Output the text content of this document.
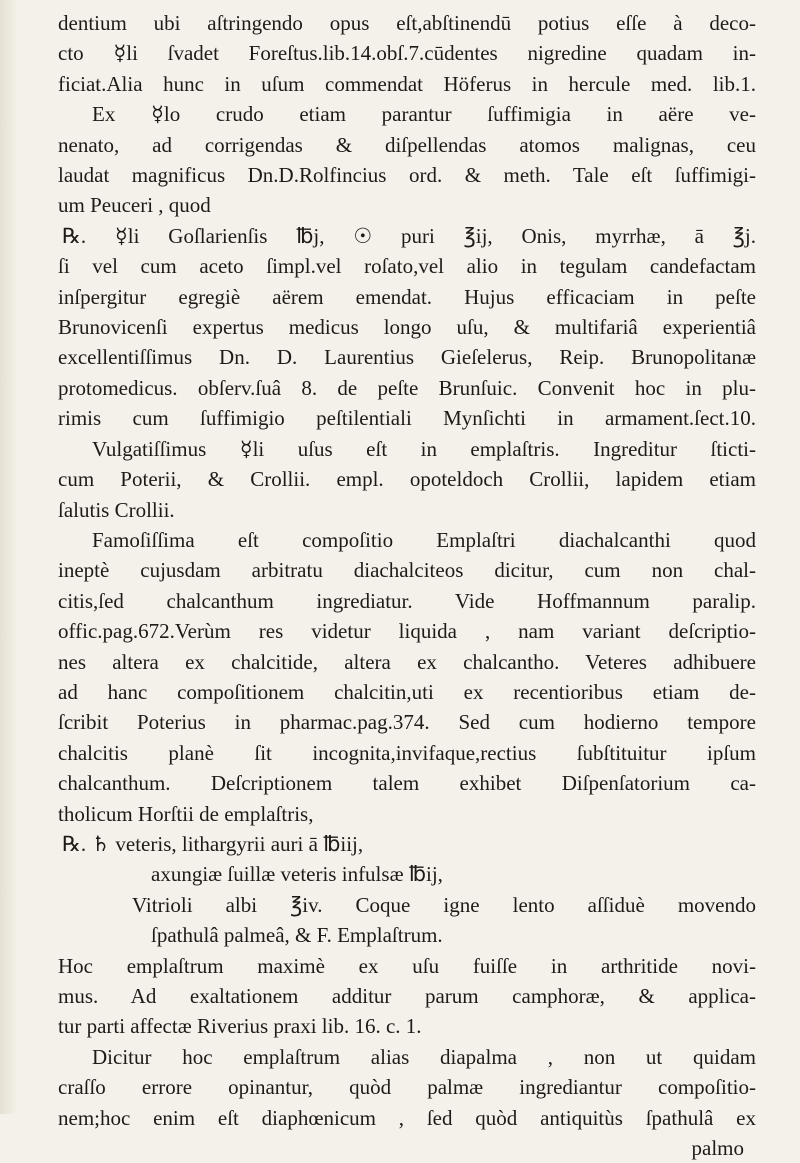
dentium ubi aſtringendo opus eſt,abſtinendū potius eſſe à deco-
cto ☿li ſvadet Foreſtus.lib.14.obſ.7.cūdentes nigredine quadam in-
ficiat.Alia hunc in uſum commendat Höferus in hercule med. lib.1.
Ex ☿lo crudo etiam parantur ſuffimigia in aëre ve-
nenato, ad corrigendas & diſpellendas atomos malignas, ceu
laudat magnificus Dn.D.Rolfincius ord. & meth. Tale eſt ſuffimigi-
um Peuceri , quod
℞. ☿li Goſlarienſis ℔j, ☉ puri ℥ij, Onis, myrrhæ, ā ℥j.
ſi vel cum aceto ſimpl.vel roſato,vel alio in tegulam candefactam
inſpergitur egregiè aërem emendat. Hujus efficaciam in peſte
Brunovicenſi expertus medicus longo uſu, & multifariâ experientiâ
excellentiſſimus Dn. D. Laurentius Gieſelerus, Reip. Brunopolitanæ
protomedicus. obſerv.ſuâ 8. de peſte Brunſuic. Convenit hoc in plu-
rimis cum ſuffimigio peſtilentiali Mynſichti in armament.ſect.10.
Vulgatiſſimus ☿li uſus eſt in emplaſtris. Ingreditur ſticti-
cum Poterii, & Crollii. empl. opoteldoch Crollii, lapidem etiam
ſalutis Crollii.
Famoſiſſima eſt compoſitio Emplaſtri diachalcanthi quod
ineptè cujusdam arbitratu diachalciteos dicitur, cum non chal-
citis,ſed chalcanthum ingrediatur. Vide Hoffmannum paralip.
offic.pag.672.Verùm res videtur liquida , nam variant deſcriptio-
nes altera ex chalcitide, altera ex chalcantho. Veteres adhibuere
ad hanc compoſitionem chalcitin,uti ex recentioribus etiam de-
ſcribit Poterius in pharmac.pag.374. Sed cum hodierno tempore
chalcitis planè ſit incognita,invifaque,rectius ſubſtituitur ipſum
chalcanthum. Deſcriptionem talem exhibet Diſpenſatorium ca-
tholicum Horſtii de emplaſtris,
℞. ♄ veteris, lithargyrii auri ā ℔iij,
axungiæ ſuillæ veteris infulsæ ℔ij,
Vitrioli albi ℥iv. Coque igne lento aſſiduè movendo
ſpathulâ palmeâ, & F. Emplaſtrum.
Hoc emplaſtrum maximè ex uſu fuiſſe in arthritide novi-
mus. Ad exaltationem additur parum camphoræ, & applica-
tur parti affectæ Riverius praxi lib. 16. c. 1.
Dicitur hoc emplaſtrum alias diapalma , non ut quidam
craſſo errore opinantur, quòd palmæ ingrediantur compoſitio-
nem;hoc enim eſt diaphœnicum , ſed quòd antiquitùs ſpathulâ ex
palmo
